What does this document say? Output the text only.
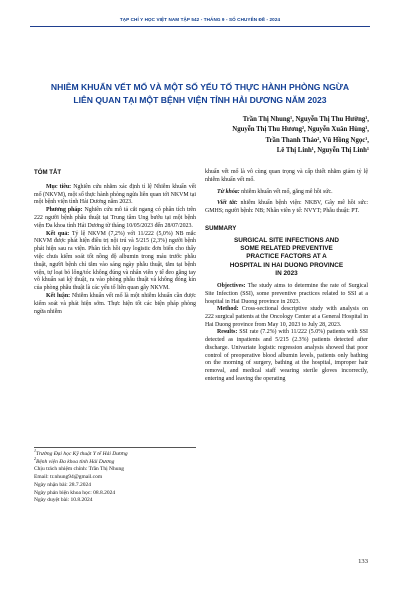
TẠP CHÍ Y HỌC VIỆT NAM TẬP 542 - THÁNG 9 - SỐ CHUYÊN ĐỀ - 2024
NHIỄM KHUẨN VẾT MỔ VÀ MỘT SỐ YẾU TỐ THỰC HÀNH PHÒNG NGỪA
LIÊN QUAN TẠI MỘT BỆNH VIỆN TỈNH HẢI DƯƠNG NĂM 2023
Trần Thị Nhung¹, Nguyễn Thị Thu Hường¹,
Nguyễn Thị Thu Hương², Nguyễn Xuân Hùng¹,
Trần Thanh Thảo², Vũ Hồng Ngọc¹,
Lê Thị Linh¹, Nguyễn Thị Linh¹
TÓM TẮT

Mục tiêu: Nghiên cứu nhằm xác định tỉ lệ Nhiễm khuẩn vết mổ (NKVM), một số thực hành phòng ngừa liên quan tới NKVM tại một bệnh viện tỉnh Hải Dương năm 2023.

Phương pháp: Nghiên cứu mô tả cắt ngang có phân tích trên 222 người bệnh phẫu thuật tại Trung tâm Ung bướu tại một bệnh viện Đa khoa tỉnh Hải Dương từ tháng 10/05/2023 đến 28/07/2023.

Kết quả: Tỷ lệ NKVM (7,2%) với 11/222 (5,0%) NB mắc NKVM được phát hiện điều trị nội trú và 5/215 (2,3%) người bệnh phát hiện sau ra viện. Phân tích hồi quy logistic đơn biến cho thấy việc chưa kiểm soát tốt nồng độ albumin trong máu trước phẫu thuật, người bệnh chỉ tắm vào sáng ngày phẫu thuật, tắm tại bệnh viện, tự loại bỏ lông/tóc không đúng và nhân viên y tế đeo găng tay vô khuẩn sai kỹ thuật, ra vào phòng phẫu thuật và không đóng kín của phòng phẫu thuật là các yếu tố liên quan gây NKVM.

Kết luận: Nhiễm khuẩn vết mổ là một nhiễm khuẩn cần được kiểm soát và phát hiện sớm. Thực hiện tốt các biện pháp phòng ngừa nhiễm

$^1$Trường Đại học Kỹ thuật Y tế Hải Dương
$^2$Bệnh viện Đa khoa tỉnh Hải Dương
Chịu trách nhiệm chính: Trần Thị Nhung
Email: tr.nhung94@gmail.com
Ngày nhận bài: 28.7.2024
Ngày phản biện khoa học: 08.8.2024
Ngày duyệt bài: 10.8.2024

khuẩn vết mổ là vô cùng quan trọng và cấp thiết nhằm giảm tỷ lệ nhiễm khuẩn vết mổ.

Từ khóa: nhiễm khuẩn vết mổ, găng mê hồi sức.

Viết tắt: nhiễm khuẩn bệnh viện: NKBV, Gây mê hồi sức: GMHS; người bệnh: NB; Nhân viên y tế: NVYT; Phẫu thuật: PT.

SUMMARY
SURGICAL SITE INFECTIONS AND
SOME RELATED PREVENTIVE
PRACTICE FACTORS AT A
HOSPITAL IN HAI DUONG PROVINCE
IN 2023

Objectives: The study aims to determine the rate of Surgical Site Infection (SSI), some preventive practices related to SSI at a hospital in Hai Duong province in 2023.

Method: Cross-sectional descriptive study with analysis on 222 surgical patients at the Oncology Center at a General Hospital in Hai Duong province from May 10, 2023 to July 28, 2023.

Results: SSI rate (7.2%) with 11/222 (5.0%) patients with SSI detected as inpatients and 5/215 (2.3%) patients detected after discharge. Univariate logistic regression analysis showed that poor control of preoperative blood albumin levels, patients only bathing on the morning of surgery, bathing at the hospital, improper hair removal, and medical staff wearing sterile gloves incorrectly, entering and leaving the operating

133
